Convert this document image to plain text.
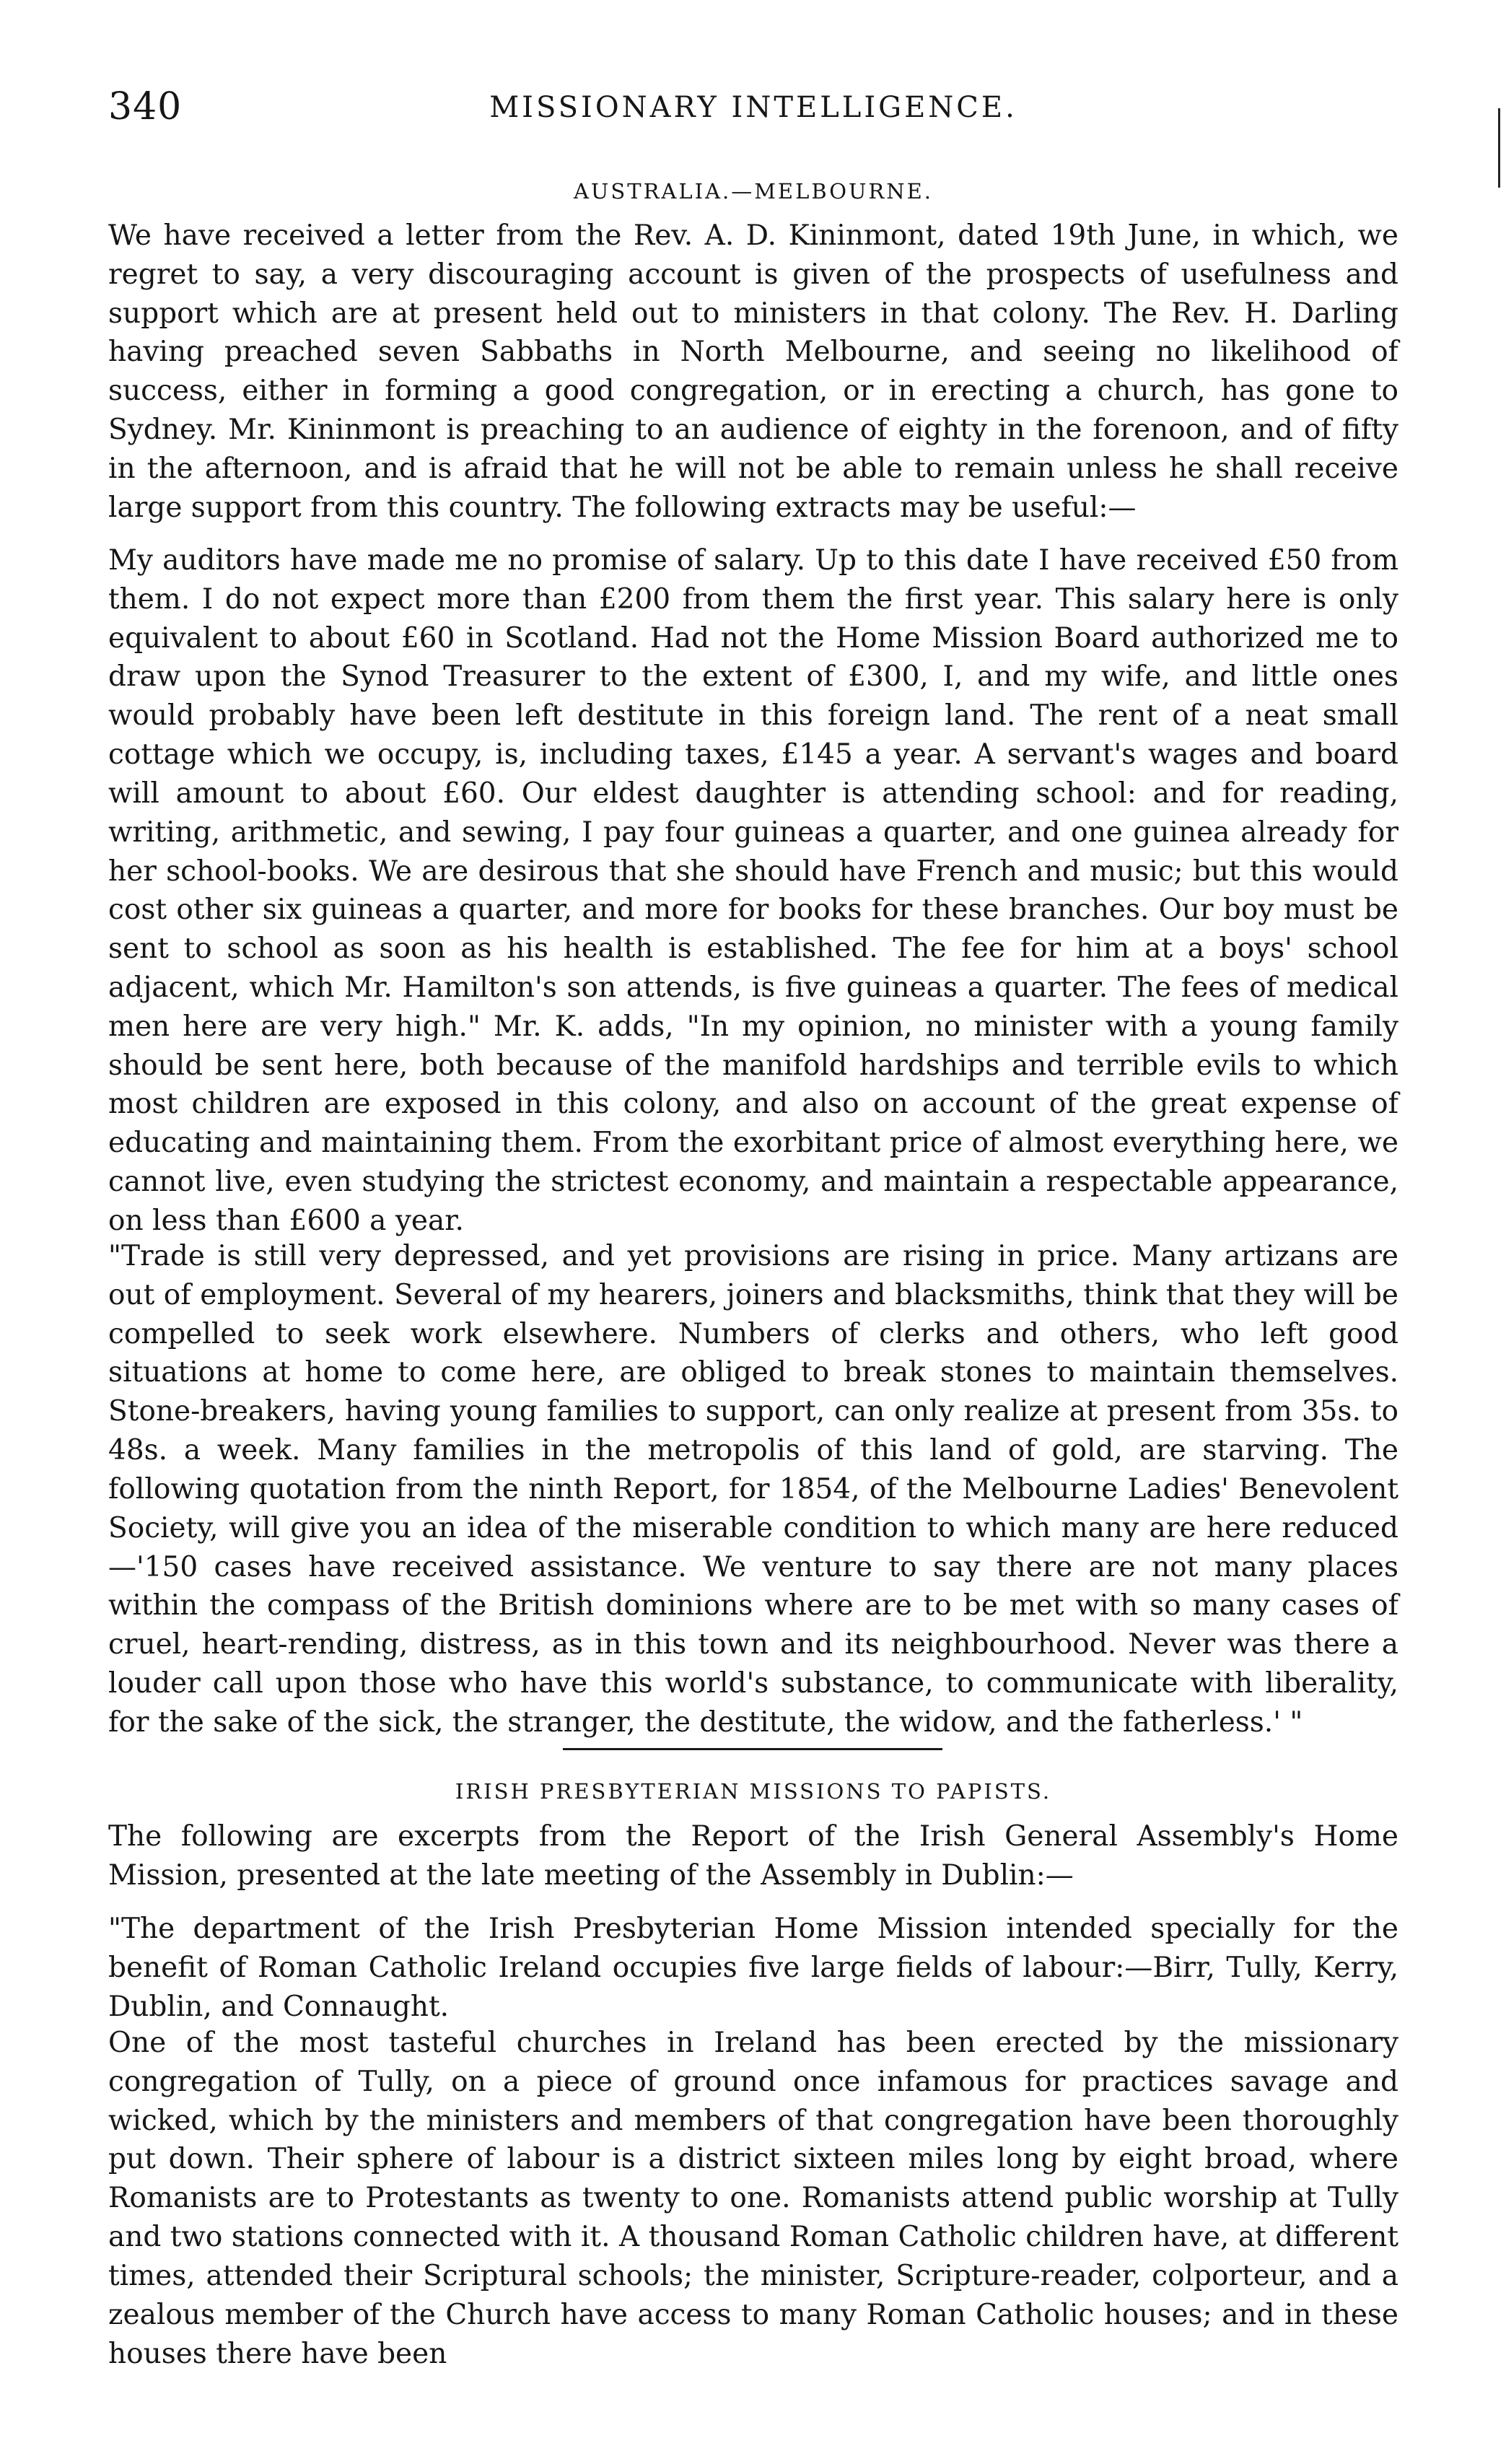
340	MISSIONARY INTELLIGENCE.
AUSTRALIA.—MELBOURNE.

We have received a letter from the Rev. A. D. Kininmont, dated 19th June, in which, we regret to say, a very discouraging account is given of the prospects of usefulness and support which are at present held out to ministers in that colony. The Rev. H. Darling having preached seven Sabbaths in North Melbourne, and seeing no likelihood of success, either in forming a good congregation, or in erecting a church, has gone to Sydney. Mr. Kininmont is preaching to an audience of eighty in the forenoon, and of fifty in the afternoon, and is afraid that he will not be able to remain unless he shall receive large support from this country. The following extracts may be useful:—

My auditors have made me no promise of salary. Up to this date I have received £50 from them. I do not expect more than £200 from them the first year. This salary here is only equivalent to about £60 in Scotland. Had not the Home Mission Board authorized me to draw upon the Synod Treasurer to the extent of £300, I, and my wife, and little ones would probably have been left destitute in this foreign land. The rent of a neat small cottage which we occupy, is, including taxes, £145 a year. A servant's wages and board will amount to about £60. Our eldest daughter is attending school: and for reading, writing, arithmetic, and sewing, I pay four guineas a quarter, and one guinea already for her school-books. We are desirous that she should have French and music; but this would cost other six guineas a quarter, and more for books for these branches. Our boy must be sent to school as soon as his health is established. The fee for him at a boys' school adjacent, which Mr. Hamilton's son attends, is five guineas a quarter. The fees of medical men here are very high." Mr. K. adds, "In my opinion, no minister with a young family should be sent here, both because of the manifold hardships and terrible evils to which most children are exposed in this colony, and also on account of the great expense of educating and maintaining them. From the exorbitant price of almost everything here, we cannot live, even studying the strictest economy, and maintain a respectable appearance, on less than £600 a year.

"Trade is still very depressed, and yet provisions are rising in price. Many artizans are out of employment. Several of my hearers, joiners and blacksmiths, think that they will be compelled to seek work elsewhere. Numbers of clerks and others, who left good situations at home to come here, are obliged to break stones to maintain themselves. Stone-breakers, having young families to support, can only realize at present from 35s. to 48s. a week. Many families in the metropolis of this land of gold, are starving. The following quotation from the ninth Report, for 1854, of the Melbourne Ladies' Benevolent Society, will give you an idea of the miserable condition to which many are here reduced—'150 cases have received assistance. We venture to say there are not many places within the compass of the British dominions where are to be met with so many cases of cruel, heart-rending, distress, as in this town and its neighbourhood. Never was there a louder call upon those who have this world's substance, to communicate with liberality, for the sake of the sick, the stranger, the destitute, the widow, and the fatherless.' "

IRISH PRESBYTERIAN MISSIONS TO PAPISTS.

The following are excerpts from the Report of the Irish General Assembly's Home Mission, presented at the late meeting of the Assembly in Dublin:—

"The department of the Irish Presbyterian Home Mission intended specially for the benefit of Roman Catholic Ireland occupies five large fields of labour:—Birr, Tully, Kerry, Dublin, and Connaught.

One of the most tasteful churches in Ireland has been erected by the missionary congregation of Tully, on a piece of ground once infamous for practices savage and wicked, which by the ministers and members of that congregation have been thoroughly put down. Their sphere of labour is a district sixteen miles long by eight broad, where Romanists are to Protestants as twenty to one. Romanists attend public worship at Tully and two stations connected with it. A thousand Roman Catholic children have, at different times, attended their Scriptural schools; the minister, Scripture-reader, colporteur, and a zealous member of the Church have access to many Roman Catholic houses; and in these houses there have been
